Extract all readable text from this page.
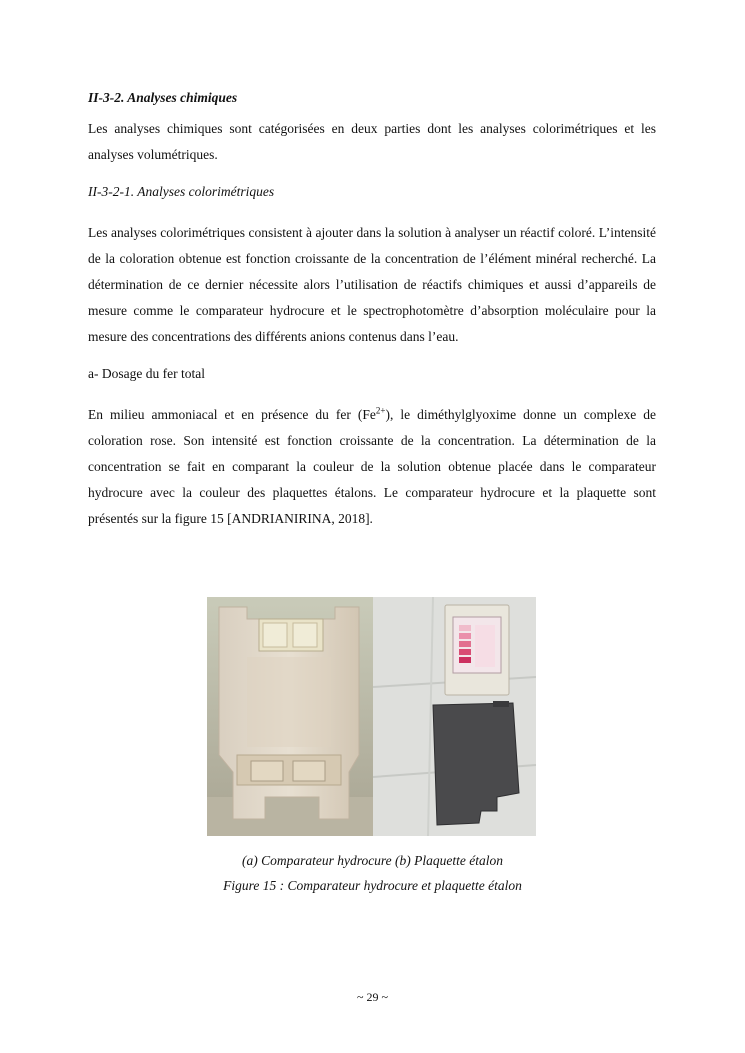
II-3-2. Analyses chimiques

Les analyses chimiques sont catégorisées en deux parties dont les analyses colorimétriques et les analyses volumétriques.

II-3-2-1. Analyses colorimétriques

Les analyses colorimétriques consistent à ajouter dans la solution à analyser un réactif coloré. L’intensité de la coloration obtenue est fonction croissante de la concentration de l’élément minéral recherché. La détermination de ce dernier nécessite alors l’utilisation de réactifs chimiques et aussi d’appareils de mesure comme le comparateur hydrocure et le spectrophotomètre d’absorption moléculaire pour la mesure des concentrations des différents anions contenus dans l’eau.

a- Dosage du fer total

En milieu ammoniacal et en présence du fer $(Fe^{2+})$, le diméthylglyoxime donne un complexe de coloration rose. Son intensité est fonction croissante de la concentration. La détermination de la concentration se fait en comparant la couleur de la solution obtenue placée dans le comparateur hydrocure avec la couleur des plaquettes étalons. Le comparateur hydrocure et la plaquette sont présentés sur la figure 15 [ANDRIANIRINA, 2018].

(a) Comparateur hydrocure (b) Plaquette étalon
Figure 15 : Comparateur hydrocure et plaquette étalon
~ 29 ~
